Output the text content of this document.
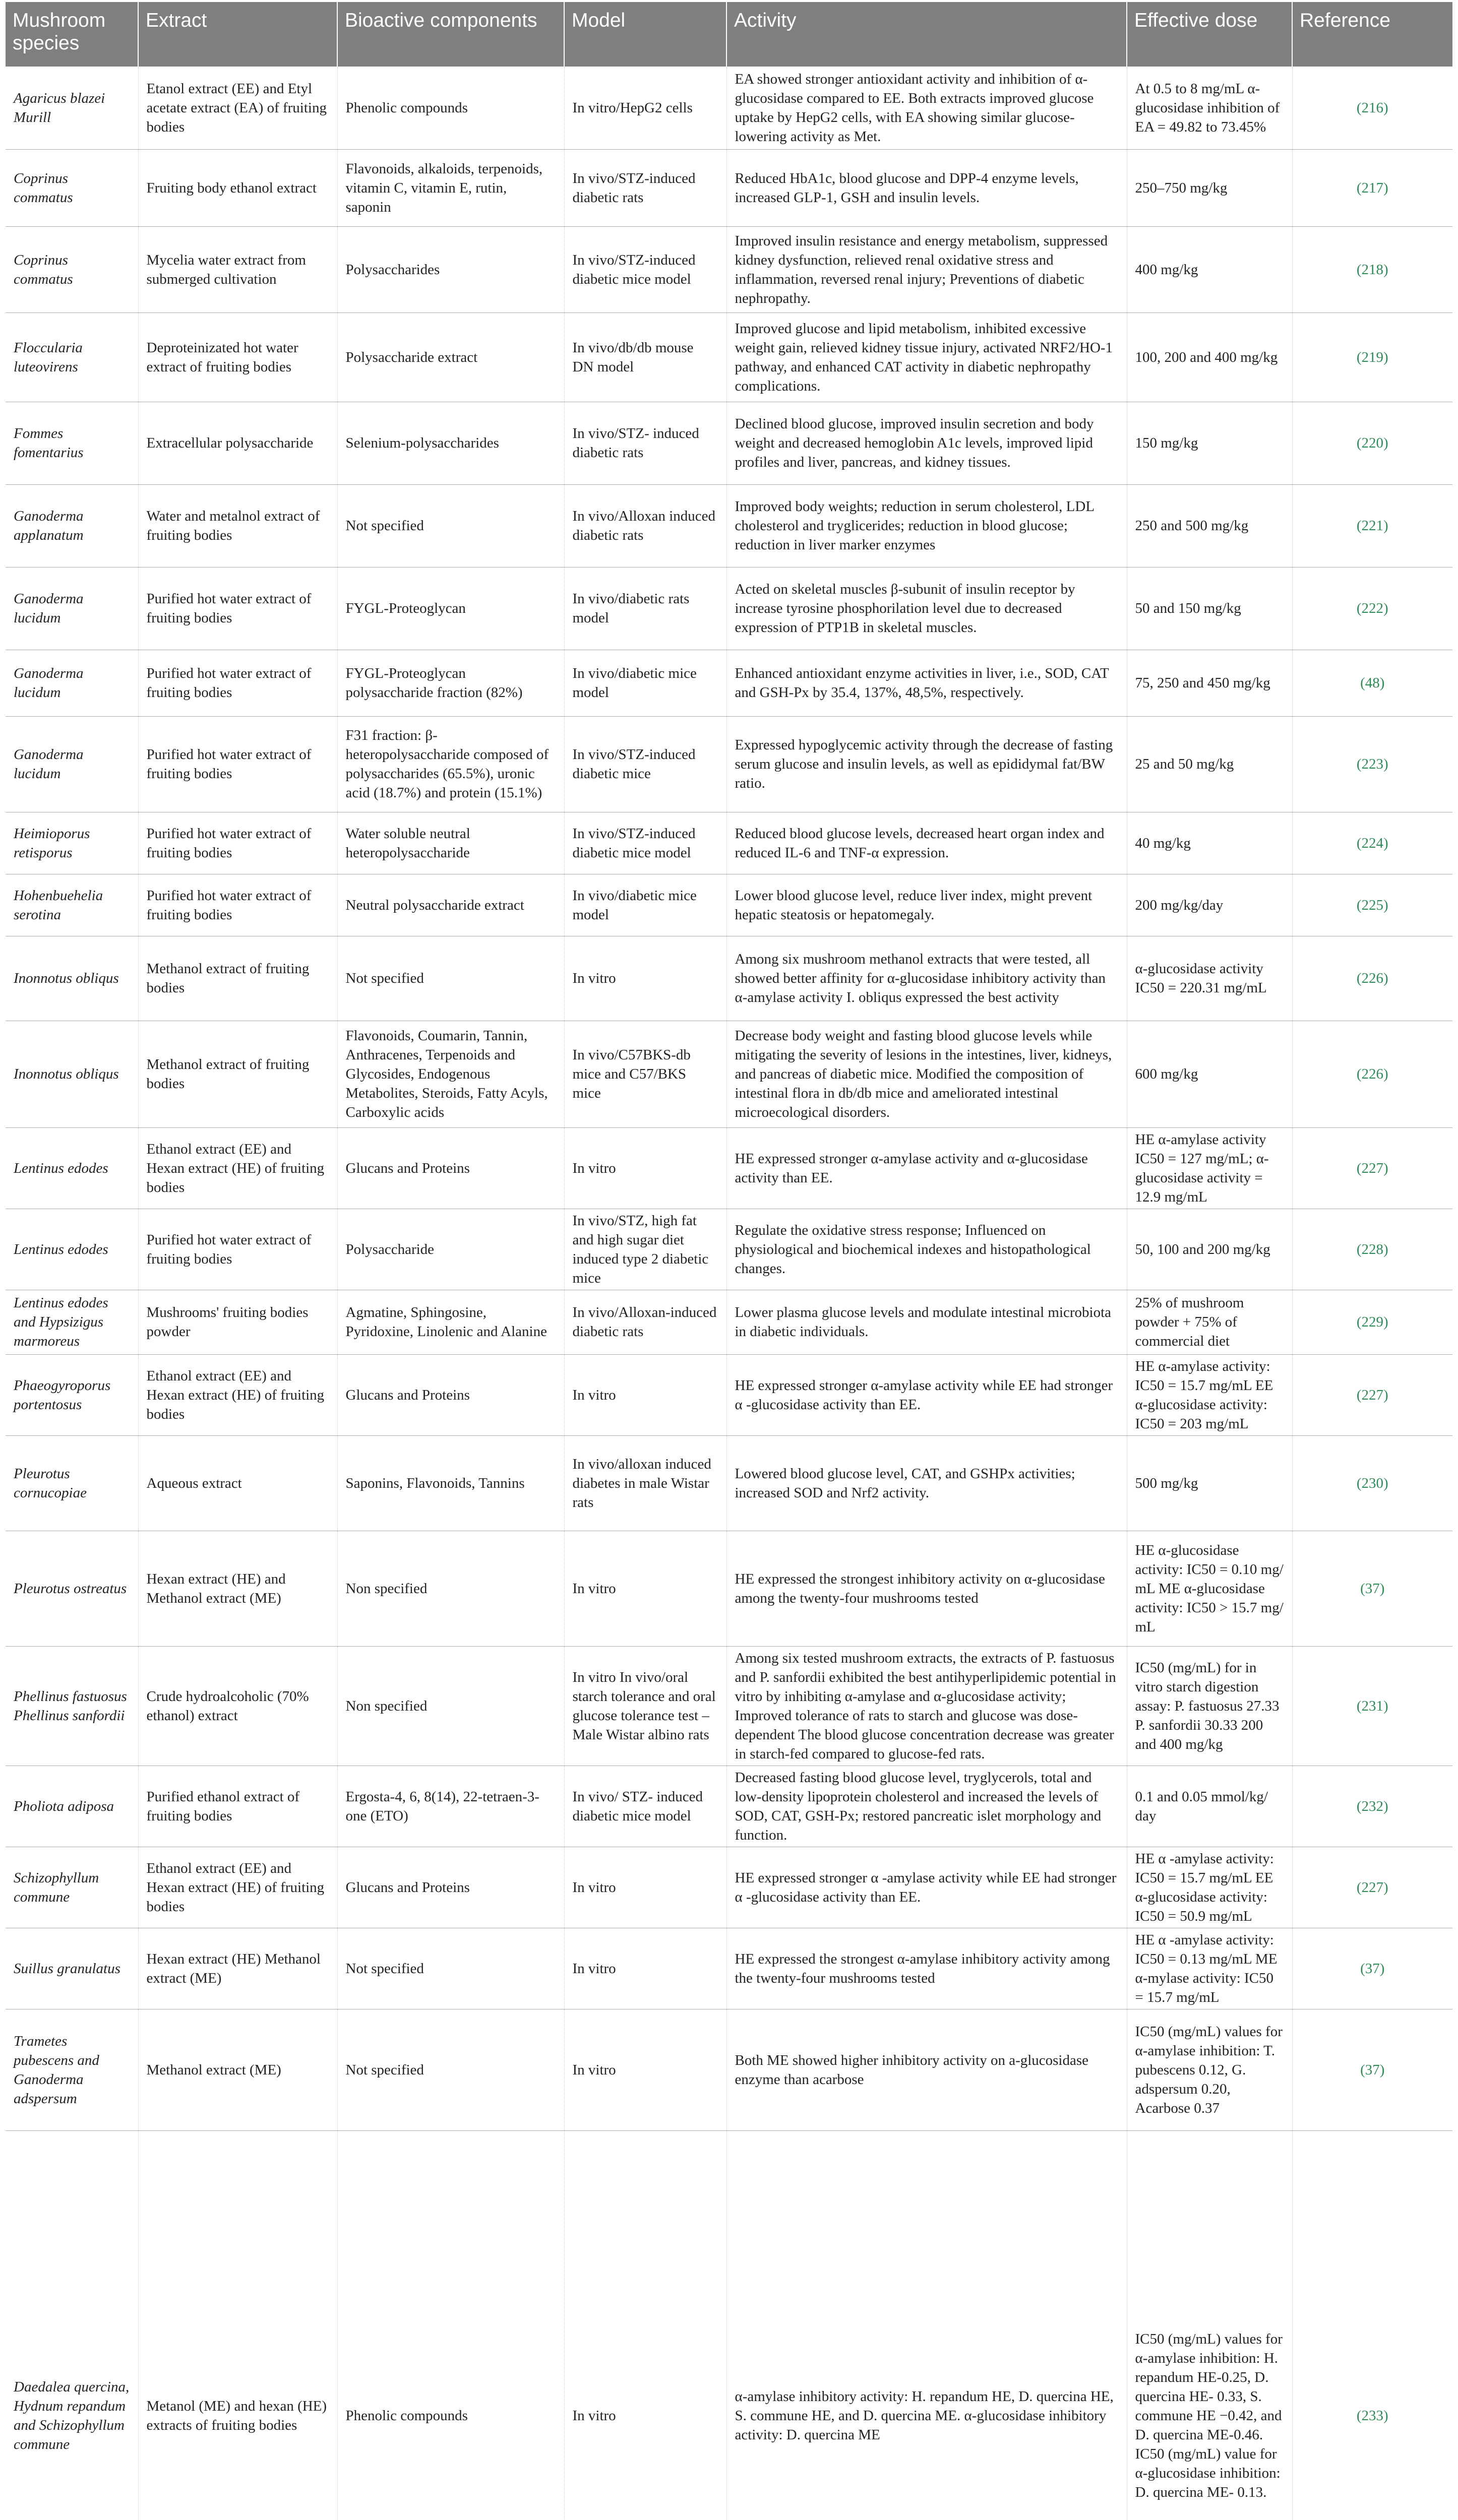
Mushroom species	Extract	Bioactive components	Model	Activity	Effective dose	Reference
Agaricus blazei Murill	Etanol extract (EE) and Etyl acetate extract (EA) of fruiting bodies	Phenolic compounds	In vitro/HepG2 cells	EA showed stronger antioxidant activity and inhibition of α-glucosidase compared to EE. Both extracts improved glucose uptake by HepG2 cells, with EA showing similar glucose-lowering activity as Met.	At 0.5 to 8 mg/mL α-glucosidase inhibition of EA = 49.82 to 73.45%	(216)
Coprinus commatus	Fruiting body ethanol extract	Flavonoids, alkaloids, terpenoids, vitamin C, vitamin E, rutin, saponin	In vivo/STZ-induced diabetic rats	Reduced HbA1c, blood glucose and DPP-4 enzyme levels, increased GLP-1, GSH and insulin levels.	250–750 mg/kg	(217)
Coprinus commatus	Mycelia water extract from submerged cultivation	Polysaccharides	In vivo/STZ-induced diabetic mice model	Improved insulin resistance and energy metabolism, suppressed kidney dysfunction, relieved renal oxidative stress and inflammation, reversed renal injury; Preventions of diabetic nephropathy.	400 mg/kg	(218)
Floccularia luteovirens	Deproteinizated hot water extract of fruiting bodies	Polysaccharide extract	In vivo/db/db mouse DN model	Improved glucose and lipid metabolism, inhibited excessive weight gain, relieved kidney tissue injury, activated NRF2/HO-1 pathway, and enhanced CAT activity in diabetic nephropathy complications.	100, 200 and 400 mg/kg	(219)
Fommes fomentarius	Extracellular polysaccharide	Selenium-polysaccharides	In vivo/STZ- induced diabetic rats	Declined blood glucose, improved insulin secretion and body weight and decreased hemoglobin A1c levels, improved lipid profiles and liver, pancreas, and kidney tissues.	150 mg/kg	(220)
Ganoderma applanatum	Water and metalnol extract of fruiting bodies	Not specified	In vivo/Alloxan induced diabetic rats	Improved body weights; reduction in serum cholesterol, LDL cholesterol and tryglicerides; reduction in blood glucose; reduction in liver marker enzymes	250 and 500 mg/kg	(221)
Ganoderma lucidum	Purified hot water extract of fruiting bodies	FYGL-Proteoglycan	In vivo/diabetic rats model	Acted on skeletal muscles β-subunit of insulin receptor by increase tyrosine phosphorilation level due to decreased expression of PTP1B in skeletal muscles.	50 and 150 mg/kg	(222)
Ganoderma lucidum	Purified hot water extract of fruiting bodies	FYGL-Proteoglycan polysaccharide fraction (82%)	In vivo/diabetic mice model	Enhanced antioxidant enzyme activities in liver, i.e., SOD, CAT and GSH-Px by 35.4, 137%, 48,5%, respectively.	75, 250 and 450 mg/kg	(48)
Ganoderma lucidum	Purified hot water extract of fruiting bodies	F31 fraction: β-heteropolysaccharide composed of polysaccharides (65.5%), uronic acid (18.7%) and protein (15.1%)	In vivo/STZ-induced diabetic mice	Expressed hypoglycemic activity through the decrease of fasting serum glucose and insulin levels, as well as epididymal fat/BW ratio.	25 and 50 mg/kg	(223)
Heimioporus retisporus	Purified hot water extract of fruiting bodies	Water soluble neutral heteropolysaccharide	In vivo/STZ-induced diabetic mice model	Reduced blood glucose levels, decreased heart organ index and reduced IL-6 and TNF-α expression.	40 mg/kg	(224)
Hohenbuehelia serotina	Purified hot water extract of fruiting bodies	Neutral polysaccharide extract	In vivo/diabetic mice model	Lower blood glucose level, reduce liver index, might prevent hepatic steatosis or hepatomegaly.	200 mg/kg/day	(225)
Inonnotus obliqus	Methanol extract of fruiting bodies	Not specified	In vitro	Among six mushroom methanol extracts that were tested, all showed better affinity for α-glucosidase inhibitory activity than α-amylase activity I. obliqus expressed the best activity	α-glucosidase activity IC50 = 220.31 mg/mL	(226)
Inonnotus obliqus	Methanol extract of fruiting bodies	Flavonoids, Coumarin, Tannin, Anthracenes, Terpenoids and Glycosides, Endogenous Metabolites, Steroids, Fatty Acyls, Carboxylic acids	In vivo/C57BKS-db mice and C57/BKS mice	Decrease body weight and fasting blood glucose levels while mitigating the severity of lesions in the intestines, liver, kidneys, and pancreas of diabetic mice. Modified the composition of intestinal flora in db/db mice and ameliorated intestinal microecological disorders.	600 mg/kg	(226)
Lentinus edodes	Ethanol extract (EE) and Hexan extract (HE) of fruiting bodies	Glucans and Proteins	In vitro	HE expressed stronger α-amylase activity and α-glucosidase activity than EE.	HE α-amylase activity IC50 = 127 mg/mL; α-glucosidase activity = 12.9 mg/mL	(227)
Lentinus edodes	Purified hot water extract of fruiting bodies	Polysaccharide	In vivo/STZ, high fat and high sugar diet induced type 2 diabetic mice	Regulate the oxidative stress response; Influenced on physiological and biochemical indexes and histopathological changes.	50, 100 and 200 mg/kg	(228)
Lentinus edodes and Hypsizigus marmoreus	Mushrooms' fruiting bodies powder	Agmatine, Sphingosine, Pyridoxine, Linolenic and Alanine	In vivo/Alloxan-induced diabetic rats	Lower plasma glucose levels and modulate intestinal microbiota in diabetic individuals.	25% of mushroom powder + 75% of commercial diet	(229)
Phaeogyroporus portentosus	Ethanol extract (EE) and Hexan extract (HE) of fruiting bodies	Glucans and Proteins	In vitro	HE expressed stronger α-amylase activity while EE had stronger α -glucosidase activity than EE.	HE α-amylase activity: IC50 = 15.7 mg/mL EE α-glucosidase activity: IC50 = 203 mg/mL	(227)
Pleurotus cornucopiae	Aqueous extract	Saponins, Flavonoids, Tannins	In vivo/alloxan induced diabetes in male Wistar rats	Lowered blood glucose level, CAT, and GSHPx activities; increased SOD and Nrf2 activity.	500 mg/kg	(230)
Pleurotus ostreatus	Hexan extract (HE) and Methanol extract (ME)	Non specified	In vitro	HE expressed the strongest inhibitory activity on α-glucosidase among the twenty-four mushrooms tested	HE α-glucosidase activity: IC50 = 0.10 mg/ mL ME α-glucosidase activity: IC50 > 15.7 mg/ mL	(37)
Phellinus fastuosus Phellinus sanfordii	Crude hydroalcoholic (70% ethanol) extract	Non specified	In vitro In vivo/oral starch tolerance and oral glucose tolerance test – Male Wistar albino rats	Among six tested mushroom extracts, the extracts of P. fastuosus and P. sanfordii exhibited the best antihyperlipidemic potential in vitro by inhibiting α-amylase and α-glucosidase activity; Improved tolerance of rats to starch and glucose was dose-dependent The blood glucose concentration decrease was greater in starch-fed compared to glucose-fed rats.	IC50 (mg/mL) for in vitro starch digestion assay: P. fastuosus 27.33 P. sanfordii 30.33 200 and 400 mg/kg	(231)
Pholiota adiposa	Purified ethanol extract of fruiting bodies	Ergosta-4, 6, 8(14), 22-tetraen-3-one (ETO)	In vivo/ STZ- induced diabetic mice model	Decreased fasting blood glucose level, tryglycerols, total and low-density lipoprotein cholesterol and increased the levels of SOD, CAT, GSH-Px; restored pancreatic islet morphology and function.	0.1 and 0.05 mmol/kg/ day	(232)
Schizophyllum commune	Ethanol extract (EE) and Hexan extract (HE) of fruiting bodies	Glucans and Proteins	In vitro	HE expressed stronger α -amylase activity while EE had stronger α -glucosidase activity than EE.	HE α -amylase activity: IC50 = 15.7 mg/mL EE α-glucosidase activity: IC50 = 50.9 mg/mL	(227)
Suillus granulatus	Hexan extract (HE) Methanol extract (ME)	Not specified	In vitro	HE expressed the strongest α-amylase inhibitory activity among the twenty-four mushrooms tested	HE α -amylase activity: IC50 = 0.13 mg/mL ME α-mylase activity: IC50 = 15.7 mg/mL	(37)
Trametes pubescens and Ganoderma adspersum	Methanol extract (ME)	Not specified	In vitro	Both ME showed higher inhibitory activity on a-glucosidase enzyme than acarbose	IC50 (mg/mL) values for α-amylase inhibition: T. pubescens 0.12, G. adspersum 0.20, Acarbose 0.37	(37)
Daedalea quercina, Hydnum repandum and Schizophyllum commune	Metanol (ME) and hexan (HE) extracts of fruiting bodies	Phenolic compounds	In vitro	α-amylase inhibitory activity: H. repandum HE, D. quercina HE, S. commune HE, and D. quercina ME. α-glucosidase inhibitory activity: D. quercina ME	IC50 (mg/mL) values for α-amylase inhibition: H. repandum HE-0.25, D. quercina HE- 0.33, S. commune HE −0.42, and D. quercina ME-0.46. IC50 (mg/mL) value for α-glucosidase inhibition: D. quercina ME- 0.13.	(233)
